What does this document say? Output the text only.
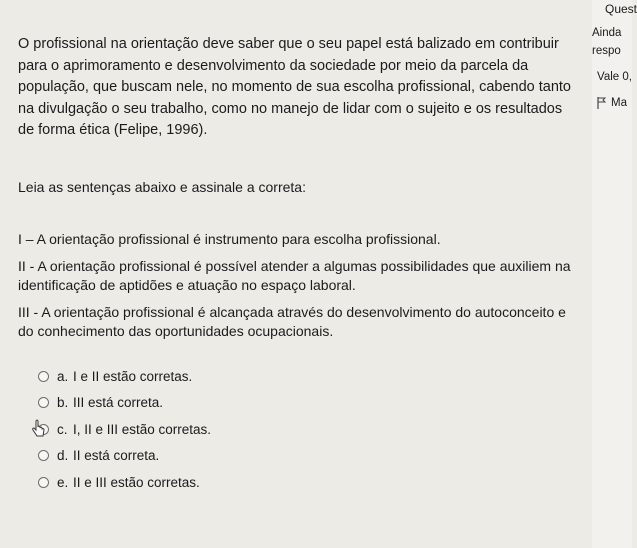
O profissional na orientação deve saber que o seu papel está balizado em contribuir para o aprimoramento e desenvolvimento da sociedade por meio da parcela da população, que buscam nele, no momento de sua escolha profissional, cabendo tanto na divulgação o seu trabalho, como no manejo de lidar com o sujeito e os resultados de forma ética (Felipe, 1996).

Leia as sentenças abaixo e assinale a correta:

I – A orientação profissional é instrumento para escolha profissional.

II - A orientação profissional é possível atender a algumas possibilidades que auxiliem na identificação de aptidões e atuação no espaço laboral.

III - A orientação profissional é alcançada através do desenvolvimento do autoconceito e do conhecimento das oportunidades ocupacionais.

a. I e II estão corretas.
b. III está correta.
c. I, II e III estão corretas.
d. II está correta.
e. II e III estão corretas.
Quest
Ainda
respo
Vale 0,
Ma
